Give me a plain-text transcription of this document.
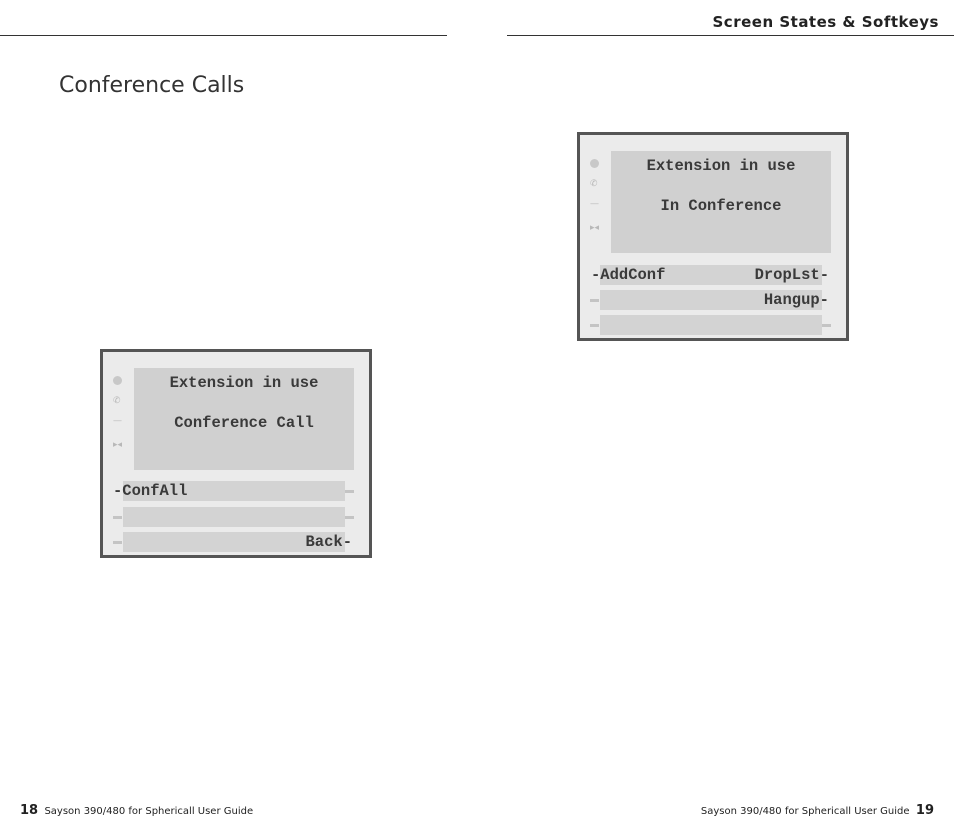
Screen States & Softkeys
Conference Calls
✆
—
▸◂
Extension in use
Conference Call
-ConfAll
Back-
✆
—
▸◂
Extension in use
In Conference
-AddConf	DropLst-
Hangup-
18 Sayson 390/480 for Sphericall User Guide	Sayson 390/480 for Sphericall User Guide 19
